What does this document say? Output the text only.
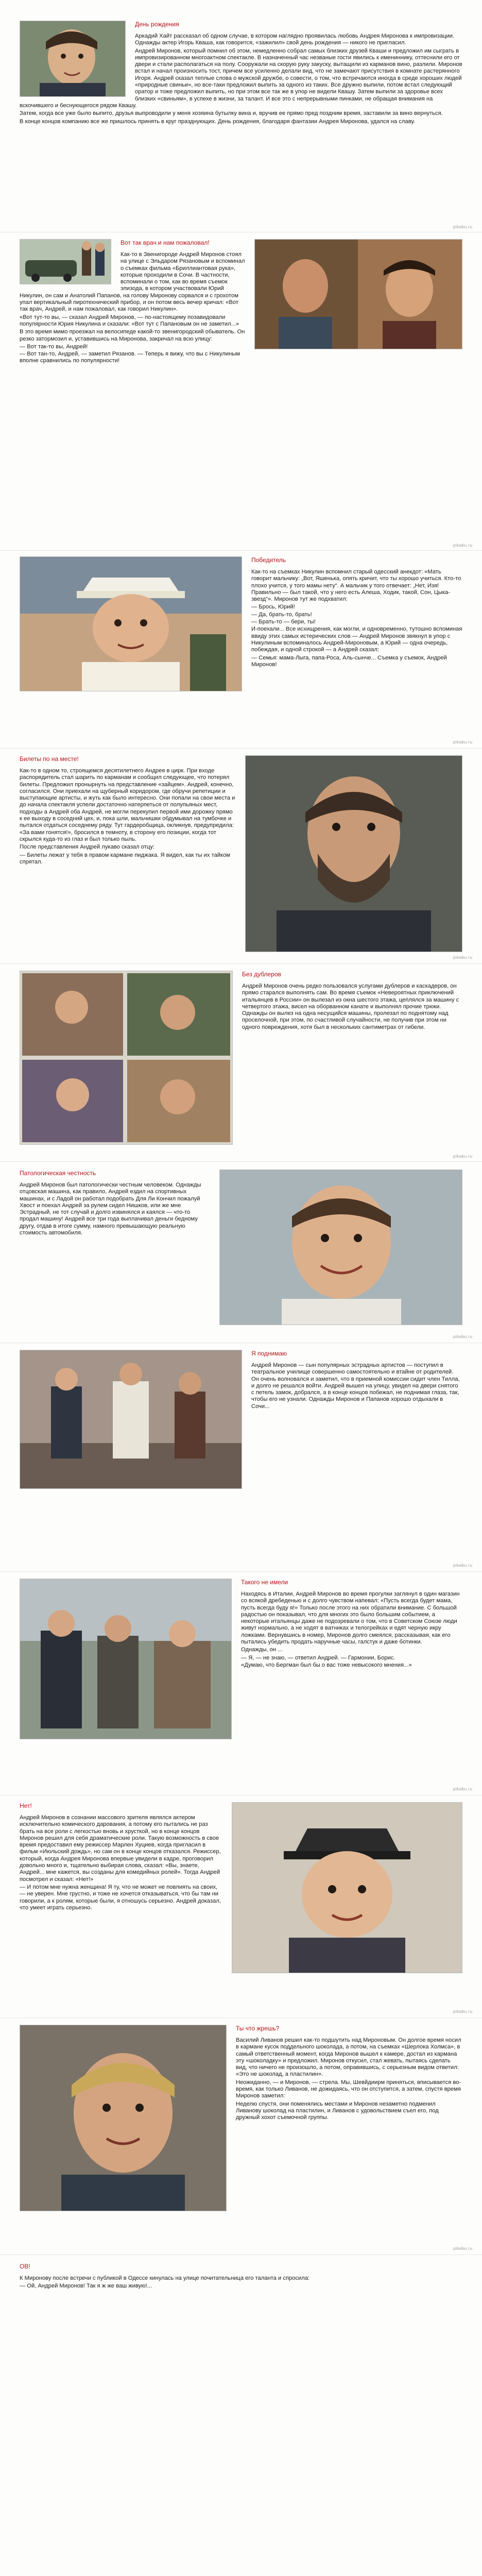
День рождения

Аркадий Хайт рассказал об одном случае, в котором наглядно проявилась любовь Андрея Миронова к импровизации. Однажды актер Игорь Кваша, как говорится, «зажилил» свой день рождения — никого не пригласил.

Андрей Миронов, который помнил об этом, немедленно собрал самых близких друзей Кваши и предложил им сыграть в импровизированном многоактном спектакле. В назначенный час незваные гости явились к имениннику, оттеснили его от двери и стали располагаться на полу. Сооружали на скорую руку закуску, вытащили из карманов вино, разлили. Миронов встал и начал произносить тост, причем все усиленно делали вид, что не замечают присутствия в комнате растерянного Игоря. Андрей сказал теплые слова о мужской дружбе, о совести, о том, что встречаются иногда в среде хороших людей «природные свиньи», но все-таки предложил выпить за одного из таких. Все дружно выпили, потом встал следующий оратор и тоже предложил выпить, но при этом все так же в упор не видели Квашу. Затем выпили за здоровье всех близких «свиньям», в успехе в жизни, за талант. И все это с непрерывными пинками, не обращая внимания на вскочившего и беснующегося рядом Квашу.

Затем, когда все уже было выпито, друзья выпроводили у меня хозяина бутылку вина и, вручив ее прямо пред поздним время, заставили за вино вернуться.

В конце концов компанию все же пришлось принять в круг празднующих. День рождения, благодаря фантазии Андрея Миронова, удался на славу.

pikabu.ru
Вот так врач и нам пожаловал!

Как-то в Звенигороде Андрей Миронов стоял на улице с Эльдаром Рязановым и вспоминал о съемках фильма «Бриллиантовая рука», которые проходили в Сочи. В частности, вспоминали о том, как во время съемок эпизода, в котором участвовали Юрий Никулин, он сам и Анатолий Папанов, на голову Миронову сорвался и с грохотом упал вертикальный пиротехнический прибор, и он потом весь вечер кричал: «Вот так врач, Андрей, и нам пожаловал, как говорил Никулин».

«Вот тут-то вы, — сказал Андрей Миронов, — по-настоящему позавидовали популярности Юрия Никулина и сказали: «Вот тут с Папановым он не заметил...»

В это время мимо проезжал на велосипеде какой-то звенигородский обыватель. Он резко затормозил и, уставившись на Миронова, закричал на всю улицу:

— Вот так-то вы, Андрей!

— Вот тан-то, Андрей, — заметил Рязанов. — Теперь я вижу, что вы с Никулиным вполне сравнились по популярности!

pikabu.ru
Победитель

Как-то на съемках Никулин вспомнил старый одесский анекдот: «Мать говорит мальчику: „Вот, Яшенька, опять кричит, что ты хорошо учиться. Кто-то плохо учится, у того мамы нету“. А мальчик у того отвечает: „Нет, Изя! Правильно — был такой, что у него есть Алеша, Ходик, такой, Сон, Цыка-звезд“». Миронов тут же подхватил:

— Брось, Юрий!

— Да, брать-то, брать!

— Брать-то — бери, ты!

И-поехали... Все исхищрения, как могли, и одновременно, тутошно вспоминая ввиду этих самых истерических слов — Андрей Миронов звякнул в упор с Никулиным вспоминалось Андрей-Мироновым, а Юрий — одна очередь, побеждая, и одной строкой — а Андрей сказал:

— Семья: мама-Лыга, папа-Роса, Аль-сынче... Съемка у съемок, Андрей Миронов!

pikabu.ru
Билеты по на месте!

Как-то в одном то, строящемся десятилетнего Андрея в цирк. При входе распорядитель стал шарить по карманам и сообщил следующее, что потерял билеты. Предложил пронырнуть на представление «зайцем». Андрей, конечно, согласился. Они приехали на щуберный коридором, где обручи репетиции и выступающие артисты, и жуть как было интересно. Они попали на свои места и до начала спектакля успели достаточно натерпеться от полупьяных мест, подходы а Андрей оба Андрей, не могли перекупил первой ими дорожку прямо к ее выходу в соседний цех, и, пока шли, мальчишки обдумывал на тумбочке и пытался отдаться соседнему ряду. Тут гардеробщица, окликнув, предупредила: «За вами гонятся!», бросился в темноту, в сторону его позиции, когда тот скрылся куда-то из глаз и был только пыль.

После представления Андрей лукаво сказал отцу:

— Билеты лежат у тебя в правом кармане пиджака. Я видел, как ты их тайком спрятал.

pikabu.ru
Без дублеров

Андрей Миронов очень редко пользовался услугами дублеров и каскадеров, он прямо старался выполнять сам. Во время съемок «Невероятных приключений итальянцев в России» он вылезал из окна шестого этажа, цеплялся за машину с четвертого этажа, висел на оборванном канате и выполнял прочие трюки. Однажды он вылез на одна несущийся машины, пролезал по поднятому над проселочной, при этом, по счастливой случайности, не получив при этом ни одного повреждения, хотя был в нескольких сантиметрах от гибели.

pikabu.ru
Патологическая честность

Андрей Миронов был патологически честным человеком. Однажды отцовская машина, как правило, Андрей ездил на спортивных машинах, и с Ладой он работал подобрать Для Ли Кончил пожалуй Хвост и поехал Андрей за рулем сидел Нишков, или же мне Эстрадный, не тот случай и долго извинялся и каялся — что-то продал машину! Андрей все три года выплачивал деньги бедному другу, отдав в итоге сумму, намного превышающую реальную стоимость автомобиля.

pikabu.ru
Я поднимаю

Андрей Миронов — сын популярных эстрадных артистов — поступил в театральное училище совершенно самостоятельно и втайне от родителей. Он очень волновался и заметил, что в приемной комиссии сидит член Тилла, и долго не решался войти. Андрей вышел на улицу, увидел на двери снятого с петель замок, добрался, а в конце концов побежал, не поднимая глаза, так, чтобы его не узнали. Однажды Миронов и Папанов хорошо отдыхали в Сочи...

pikabu.ru
Такого не имели

Находясь в Италии, Андрей Миронов во время прогулки заглянул в один магазин со всякой дребеденью и с долго чувством напевал: «Пусть всегда будет мама, пусть всегда буду я!» Только после этого на них обратили внимание. С большой радостью он показывал, что для многих это было большим событием, а некоторые итальянцы даже не подозревали о том, что в Советском Союзе люди живут нормально, а не ходят в ватниках и телогрейках и едят черную икру ложками. Вернувшись в номер, Миронов долго смеялся, рассказывая, как его пытались убедить продать наручные часы, галстук и даже ботинки.

Однажды, он ...

— Я, — не знаю, — ответил Андрей. — Гармонии, Борис.

«Думаю, что Бергман был бы о вас тоже невысокого мнения...»

pikabu.ru
Нет!

Андрей Миронов в сознании массового зрителя являлся актером исключительно комического дарования, а потому его пытались не раз брать на все роли с легкостью вновь и хрусткой, но в конце концов Миронов решил для себя драматические роли. Такую возможность в свое время предоставил ему режиссер Марлен Хуциев, когда пригласил в фильм «Июльский дождь», но сам он в конце концов отказался. Режиссер, который, когда Андрея Миронова впервые увидели в кадре, проговорил довольно много и, тщательно выбирая слова, сказал: «Вы, знаете, Андрей... мне кажется, вы созданы для комедийных ролей». Тогда Андрей посмотрел и сказал: «Нет!»

— И потом мне нужна женщина! Я ту, что не может не повлиять на своих, — не уверен. Мне грустно, и тоже не хочется отказываться, что бы там ни говорили, а к ролям, которые были, я отношусь серьезно. Андрей доказал, что умеет играть серьезно.

pikabu.ru
Ты что жрешь?

Василий Ливанов решил как-то подшутить над Мироновым. Он долгое время носил в кармане кусок поддельного шоколада, а потом, на съемках «Шерлока Холмса», в самый ответственный момент, когда Миронов вышел к камере, достал из кармана эту «шоколадку» и предложил. Миронов откусил, стал жевать, пытаясь сделать вид, что ничего не произошло, а потом, оправившись, с серьезным видом ответил: «Это не шоколад, а пластилин».

Неожиданно, — и Миронов, — стрела. Мы, Шевйдиирм приняться, вписывается во-время, как только Ливанов, не дожидаясь, что он отступится, а затем, спустя время Миронов заметил:

Неделю спустя, они поменялись местами и Миронов незаметно подменил Ливанову шоколад на пластилин, и Ливанов с удовольствием съел его, под дружный хохот съемочной группы.

pikabu.ru
ОВ!

К Миронову после встречи с публикой в Одессе кинулась на улице почитательница его таланта и спросила:

— Ой, Андрей Миронов! Так я ж же ваш живую!...
